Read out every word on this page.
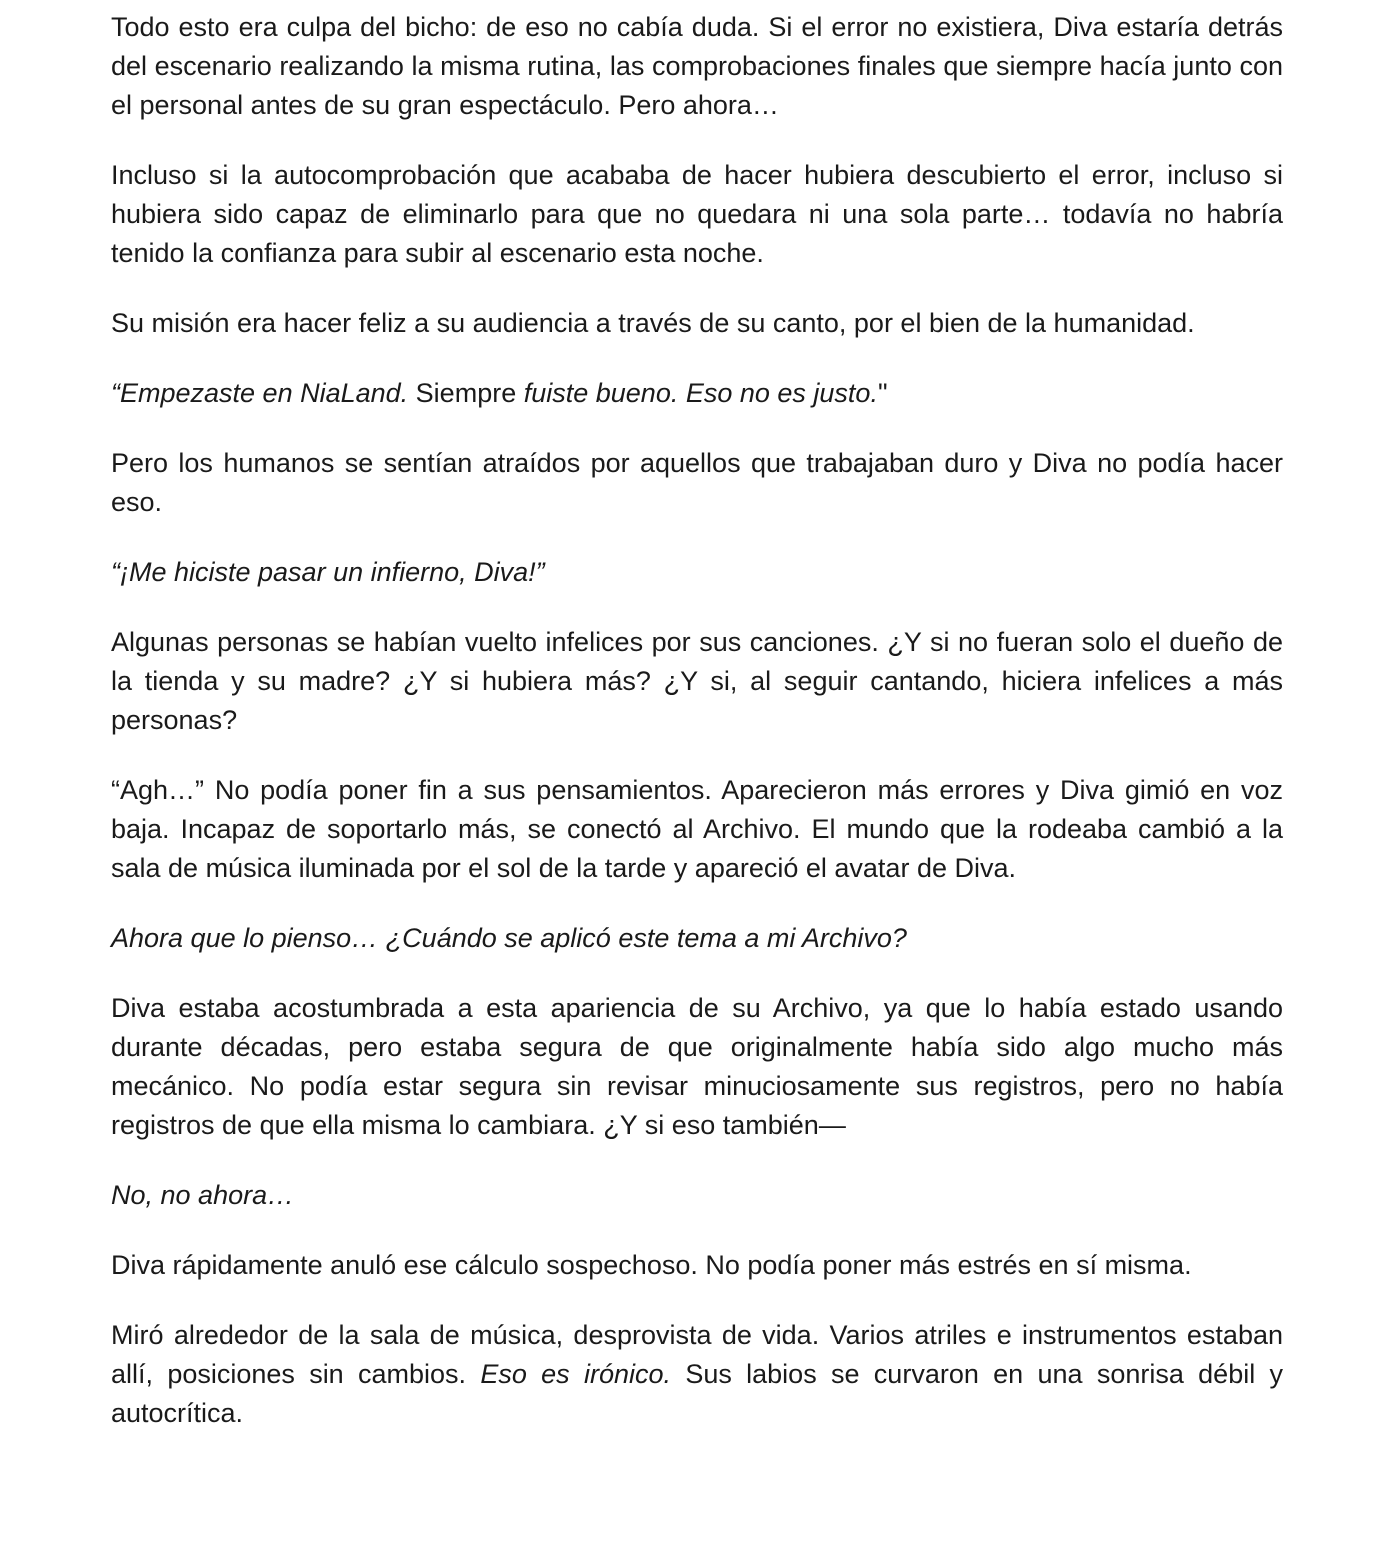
Todo esto era culpa del bicho: de eso no cabía duda. Si el error no existiera, Diva estaría detrás del escenario realizando la misma rutina, las comprobaciones finales que siempre hacía junto con el personal antes de su gran espectáculo. Pero ahora…

Incluso si la autocomprobación que acababa de hacer hubiera descubierto el error, incluso si hubiera sido capaz de eliminarlo para que no quedara ni una sola parte… todavía no habría tenido la confianza para subir al escenario esta noche.

Su misión era hacer feliz a su audiencia a través de su canto, por el bien de la humanidad.

“Empezaste en NiaLand. Siempre fuiste bueno. Eso no es justo."

Pero los humanos se sentían atraídos por aquellos que trabajaban duro y Diva no podía hacer eso.

“¡Me hiciste pasar un infierno, Diva!”

Algunas personas se habían vuelto infelices por sus canciones. ¿Y si no fueran solo el dueño de la tienda y su madre? ¿Y si hubiera más? ¿Y si, al seguir cantando, hiciera infelices a más personas?

“Agh…” No podía poner fin a sus pensamientos. Aparecieron más errores y Diva gimió en voz baja. Incapaz de soportarlo más, se conectó al Archivo. El mundo que la rodeaba cambió a la sala de música iluminada por el sol de la tarde y apareció el avatar de Diva.

Ahora que lo pienso… ¿Cuándo se aplicó este tema a mi Archivo?

Diva estaba acostumbrada a esta apariencia de su Archivo, ya que lo había estado usando durante décadas, pero estaba segura de que originalmente había sido algo mucho más mecánico. No podía estar segura sin revisar minuciosamente sus registros, pero no había registros de que ella misma lo cambiara. ¿Y si eso también—

No, no ahora…

Diva rápidamente anuló ese cálculo sospechoso. No podía poner más estrés en sí misma.

Miró alrededor de la sala de música, desprovista de vida. Varios atriles e instrumentos estaban allí, posiciones sin cambios. Eso es irónico. Sus labios se curvaron en una sonrisa débil y autocrítica.
